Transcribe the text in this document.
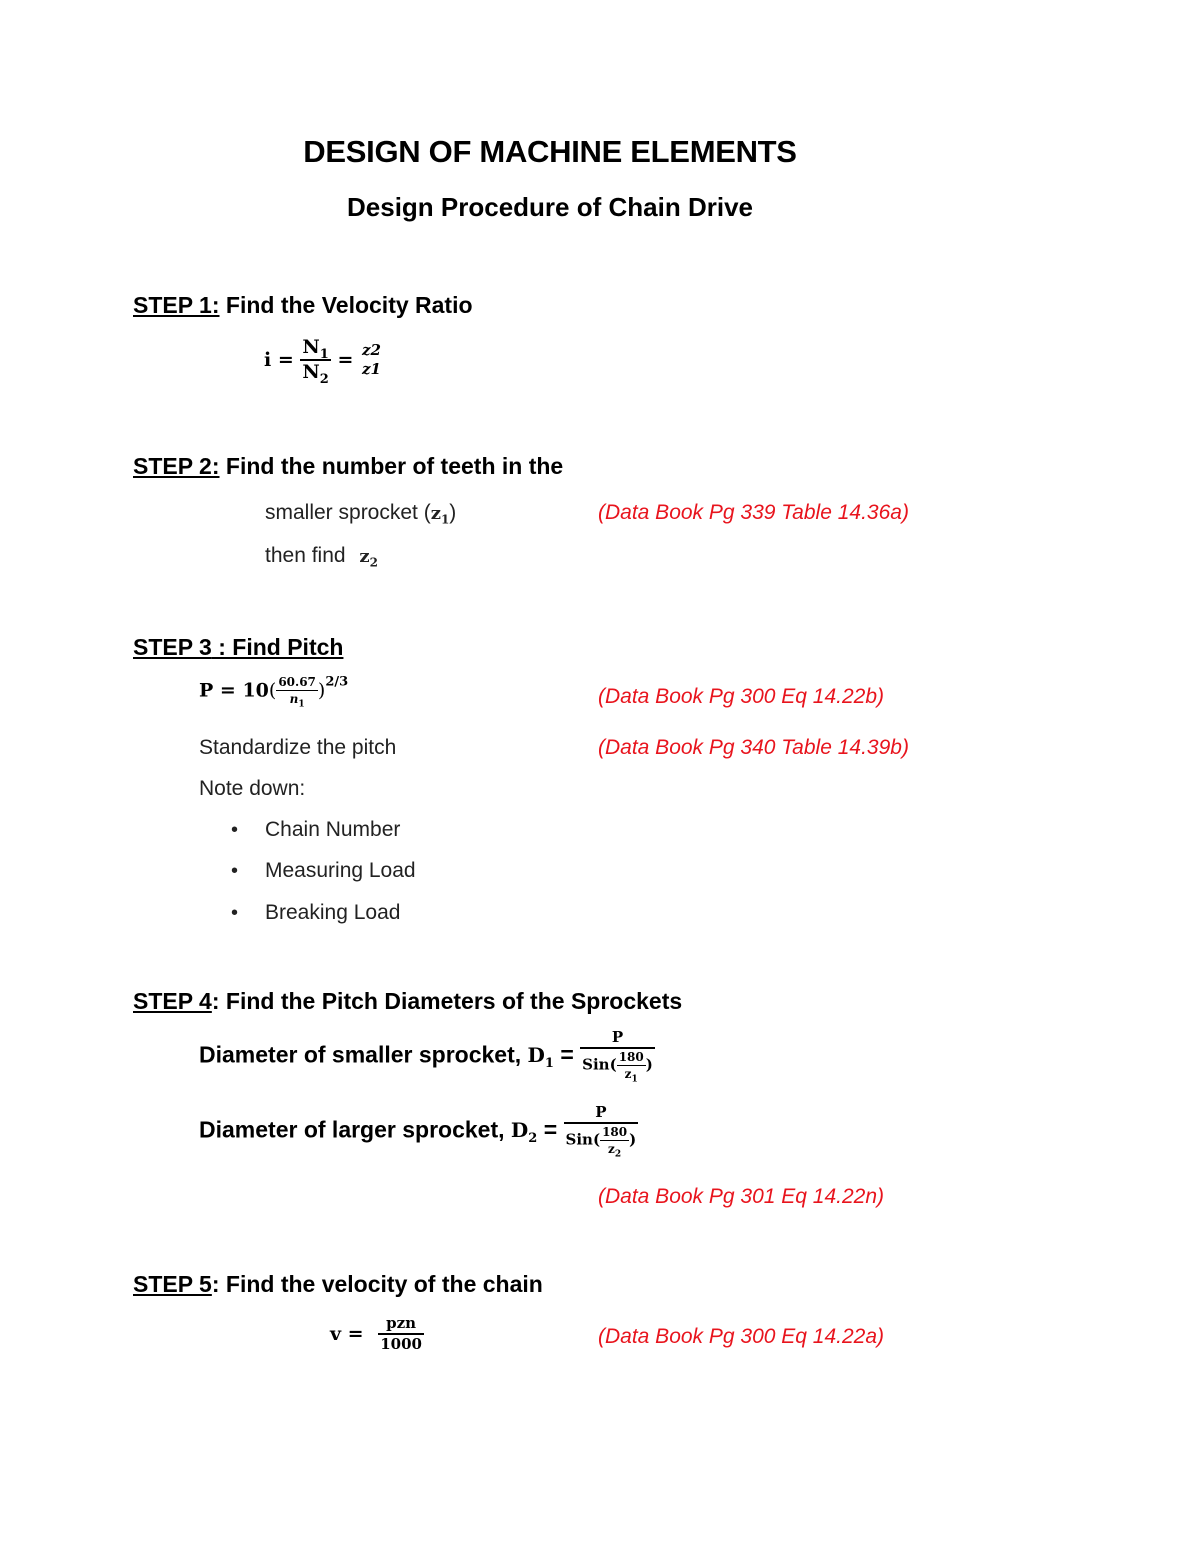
DESIGN OF MACHINE ELEMENTS
Design Procedure of Chain Drive
STEP 1: Find the Velocity Ratio
$i = \frac{N_1}{N_2} = z2$
z1
STEP 2: Find the number of teeth in the
smaller sprocket $(z_1)$	(Data Book Pg 339 Table 14.36a)
then find $z_2$
STEP 3 : Find Pitch
$P = 10( \frac{60.67}{n_1} )^{2/3}$
(Data Book Pg 300 Eq 14.22b)
Standardize the pitch	(Data Book Pg 340 Table 14.39b)
Note down:
• Chain Number
• Measuring Load
• Breaking Load
STEP 4: Find the Pitch Diameters of the Sprockets
Diameter of smaller sprocket, $D_1 = \frac{P}{Sin( \frac{180}{z_1} )}$
Diameter of larger sprocket, $D_2 = \frac{P}{Sin( \frac{180}{z_2} )}$
(Data Book Pg 301 Eq 14.22n)
STEP 5: Find the velocity of the chain
$v = \frac{\text{pzn}}{1000}$	(Data Book Pg 300 Eq 14.22a)
